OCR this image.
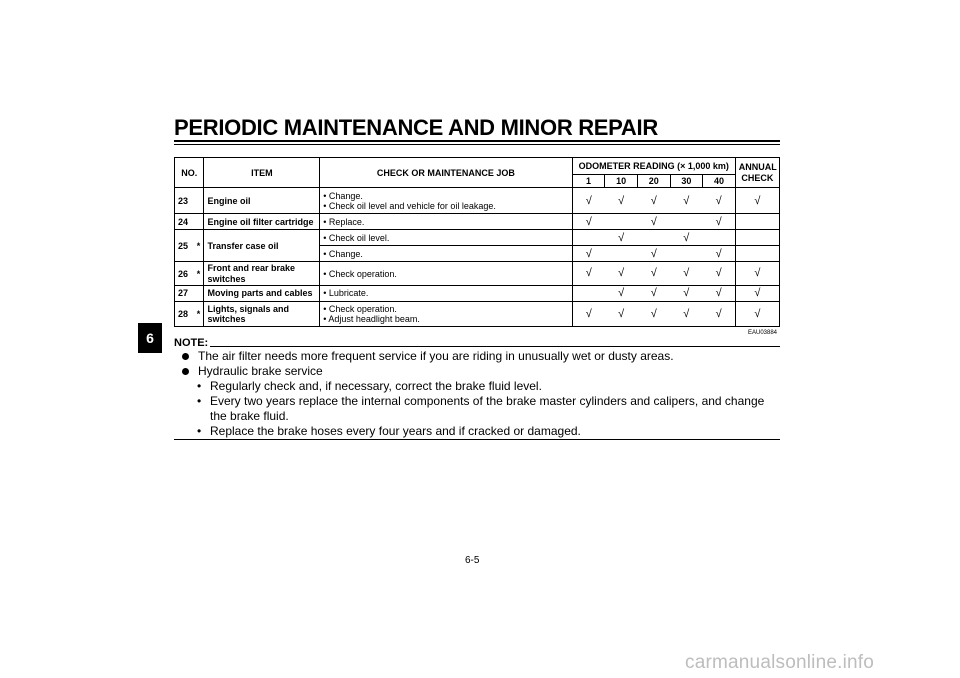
PERIODIC MAINTENANCE AND MINOR REPAIR
6
NO.		ITEM	CHECK OR MAINTENANCE JOB	ODOMETER READING (× 1,000 km)					ANNUAL CHECK
				1	10	20	30	40	
23		Engine oil	• Change.
• Check oil level and vehicle for oil leakage.	√	√	√	√	√	√
24		Engine oil filter cartridge	• Replace.	√		√		√	
25	*	Transfer case oil	• Check oil level.		√		√		

			• Change.	√		√		√	
26	*	Front and rear brake switches	• Check operation.	√	√	√	√	√	√
27		Moving parts and cables	• Lubricate.		√	√	√	√	√
28	*	Lights, signals and switches	• Check operation.
• Adjust headlight beam.	√	√	√	√	√	√
EAU03884
NOTE:

The air filter needs more frequent service if you are riding in unusually wet or dusty areas.

Hydraulic brake service

• Regularly check and, if necessary, correct the brake fluid level.

• Every two years replace the internal components of the brake master cylinders and calipers, and change the brake fluid.

• Replace the brake hoses every four years and if cracked or damaged.

6-5
carmanualsonline.info
